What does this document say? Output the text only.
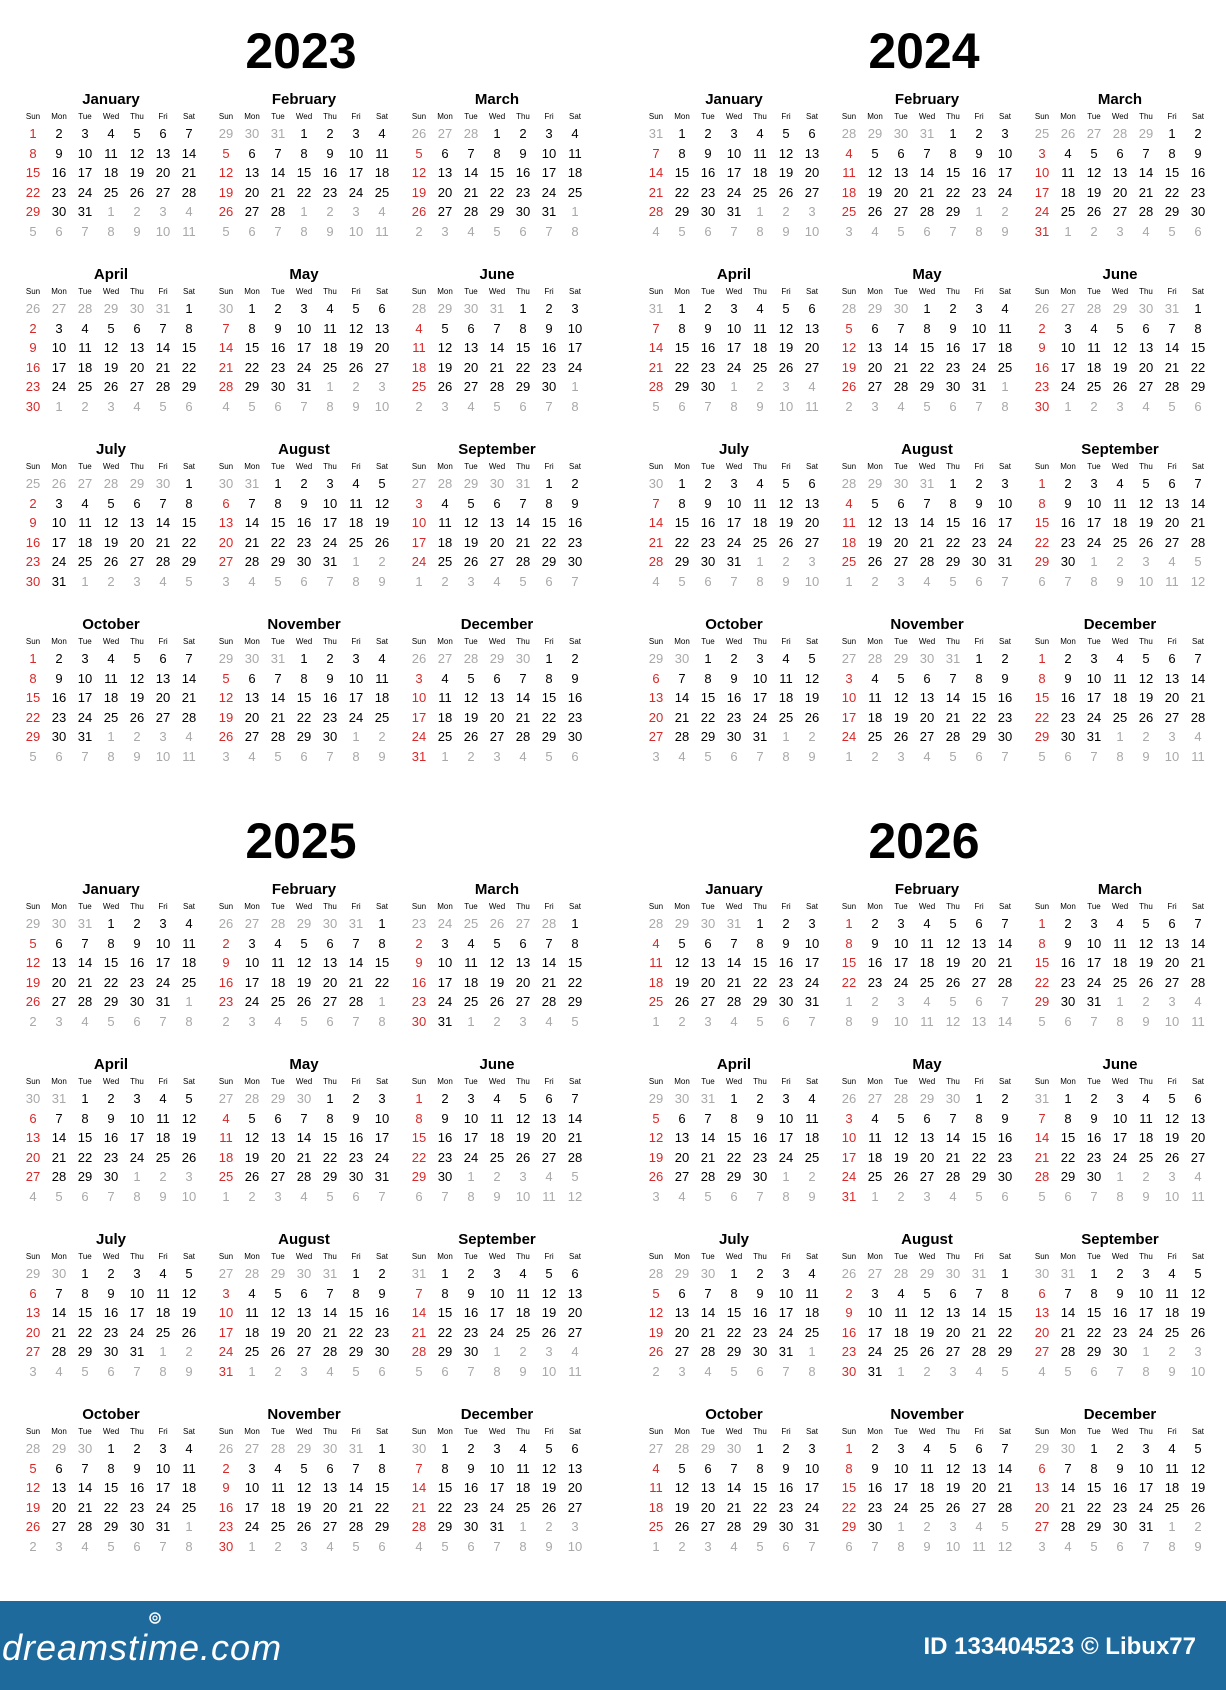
2023
January
Sun	Mon	Tue	Wed	Thu	Fri	Sat
1	2	3	4	5	6	7
8	9	10 11 12 13 14
15 16 17 18 19 20 21
22 23 24 25 26 27 28
29 30 31	1	2	3	4
5	6	7	8	9	10 11
February
Sun	Mon	Tue	Wed	Thu	Fri	Sat
29 30 31	1	2	3	4
5	6	7	8	9	10 11
12 13 14 15 16 17 18
19 20 21 22 23 24 25
26 27 28	1	2	3	4
5	6	7	8	9	10 11
March
Sun	Mon	Tue	Wed	Thu	Fri	Sat
26 27 28	1	2	3	4
5	6	7	8	9	10 11
12 13 14 15 16 17 18
19 20 21 22 23 24 25
26 27 28 29 30 31	1
2	3	4	5	6	7	8
April
Sun	Mon	Tue	Wed	Thu	Fri	Sat
26 27 28 29 30 31	1
2	3	4	5	6	7	8
9	10 11 12 13 14 15
16 17 18 19 20 21 22
23 24 25 26 27 28 29
30	1	2	3	4	5	6
May
Sun	Mon	Tue	Wed	Thu	Fri	Sat
30	1	2	3	4	5	6
7	8	9	10 11 12 13
14 15 16 17 18 19 20
21 22 23 24 25 26 27
28 29 30 31	1	2	3
4	5	6	7	8	9	10
June
Sun	Mon	Tue	Wed	Thu	Fri	Sat
28 29 30 31	1	2	3
4	5	6	7	8	9	10
11 12 13 14 15 16 17
18 19 20 21 22 23 24
25 26 27 28 29 30	1
2	3	4	5	6	7	8
July
Sun	Mon	Tue	Wed	Thu	Fri	Sat
25 26 27 28 29 30	1
2	3	4	5	6	7	8
9	10 11 12 13 14 15
16 17 18 19 20 21 22
23 24 25 26 27 28 29
30 31	1	2	3	4	5
August
Sun	Mon	Tue	Wed	Thu	Fri	Sat
30 31	1	2	3	4	5
6	7	8	9	10 11 12
13 14 15 16 17 18 19
20 21 22 23 24 25 26
27 28 29 30 31	1	2
3	4	5	6	7	8	9
September
Sun	Mon	Tue	Wed	Thu	Fri	Sat
27 28 29 30 31	1	2
3	4	5	6	7	8	9
10 11 12 13 14 15 16
17 18 19 20 21 22 23
24 25 26 27 28 29 30
1	2	3	4	5	6	7
October
Sun	Mon	Tue	Wed	Thu	Fri	Sat
1	2	3	4	5	6	7
8	9	10 11 12 13 14
15 16 17 18 19 20 21
22 23 24 25 26 27 28
29 30 31	1	2	3	4
5	6	7	8	9	10 11
November
Sun	Mon	Tue	Wed	Thu	Fri	Sat
29 30 31	1	2	3	4
5	6	7	8	9	10 11
12 13 14 15 16 17 18
19 20 21 22 23 24 25
26 27 28 29 30	1	2
3	4	5	6	7	8	9
December
Sun	Mon	Tue	Wed	Thu	Fri	Sat
26 27 28 29 30	1	2
3	4	5	6	7	8	9
10 11 12 13 14 15 16
17 18 19 20 21 22 23
24 25 26 27 28 29 30
31	1	2	3	4	5	6
2024
January
Sun	Mon	Tue	Wed	Thu	Fri	Sat
31	1	2	3	4	5	6
7	8	9	10 11 12 13
14 15 16 17 18 19 20
21 22 23 24 25 26 27
28 29 30 31	1	2	3
4	5	6	7	8	9	10
February
Sun	Mon	Tue	Wed	Thu	Fri	Sat
28 29 30 31	1	2	3
4	5	6	7	8	9	10
11 12 13 14 15 16 17
18 19 20 21 22 23 24
25 26 27 28 29	1	2
3	4	5	6	7	8	9
March
Sun	Mon	Tue	Wed	Thu	Fri	Sat
25 26 27 28 29	1	2
3	4	5	6	7	8	9
10 11 12 13 14 15 16
17 18 19 20 21 22 23
24 25 26 27 28 29 30
31	1	2	3	4	5	6
April
Sun	Mon	Tue	Wed	Thu	Fri	Sat
31	1	2	3	4	5	6
7	8	9	10 11 12 13
14 15 16 17 18 19 20
21 22 23 24 25 26 27
28 29 30	1	2	3	4
5	6	7	8	9	10 11
May
Sun	Mon	Tue	Wed	Thu	Fri	Sat
28 29 30	1	2	3	4
5	6	7	8	9	10 11
12 13 14 15 16 17 18
19 20 21 22 23 24 25
26 27 28 29 30 31	1
2	3	4	5	6	7	8
June
Sun	Mon	Tue	Wed	Thu	Fri	Sat
26 27 28 29 30 31	1
2	3	4	5	6	7	8
9	10 11 12 13 14 15
16 17 18 19 20 21 22
23 24 25 26 27 28 29
30	1	2	3	4	5	6
July
Sun	Mon	Tue	Wed	Thu	Fri	Sat
30	1	2	3	4	5	6
7	8	9	10 11 12 13
14 15 16 17 18 19 20
21 22 23 24 25 26 27
28 29 30 31	1	2	3
4	5	6	7	8	9	10
August
Sun	Mon	Tue	Wed	Thu	Fri	Sat
28 29 30 31	1	2	3
4	5	6	7	8	9	10
11 12 13 14 15 16 17
18 19 20 21 22 23 24
25 26 27 28 29 30 31
1	2	3	4	5	6	7
September
Sun	Mon	Tue	Wed	Thu	Fri	Sat
1	2	3	4	5	6	7
8	9	10 11 12 13 14
15 16 17 18 19 20 21
22 23 24 25 26 27 28
29 30	1	2	3	4	5
6	7	8	9	10 11 12
October
Sun	Mon	Tue	Wed	Thu	Fri	Sat
29 30	1	2	3	4	5
6	7	8	9	10 11 12
13 14 15 16 17 18 19
20 21 22 23 24 25 26
27 28 29 30 31	1	2
3	4	5	6	7	8	9
November
Sun	Mon	Tue	Wed	Thu	Fri	Sat
27 28 29 30 31	1	2
3	4	5	6	7	8	9
10 11 12 13 14 15 16
17 18 19 20 21 22 23
24 25 26 27 28 29 30
1	2	3	4	5	6	7
December
Sun	Mon	Tue	Wed	Thu	Fri	Sat
1	2	3	4	5	6	7
8	9	10 11 12 13 14
15 16 17 18 19 20 21
22 23 24 25 26 27 28
29 30 31	1	2	3	4
5	6	7	8	9	10 11
2025
January
Sun	Mon	Tue	Wed	Thu	Fri	Sat
29 30 31	1	2	3	4
5	6	7	8	9	10 11
12 13 14 15 16 17 18
19 20 21 22 23 24 25
26 27 28 29 30 31	1
2	3	4	5	6	7	8
February
Sun	Mon	Tue	Wed	Thu	Fri	Sat
26 27 28 29 30 31	1
2	3	4	5	6	7	8
9	10 11 12 13 14 15
16 17 18 19 20 21 22
23 24 25 26 27 28	1
2	3	4	5	6	7	8
March
Sun	Mon	Tue	Wed	Thu	Fri	Sat
23 24 25 26 27 28	1
2	3	4	5	6	7	8
9	10 11 12 13 14 15
16 17 18 19 20 21 22
23 24 25 26 27 28 29
30 31	1	2	3	4	5
April
Sun	Mon	Tue	Wed	Thu	Fri	Sat
30 31	1	2	3	4	5
6	7	8	9	10 11 12
13 14 15 16 17 18 19
20 21 22 23 24 25 26
27 28 29 30	1	2	3
4	5	6	7	8	9	10
May
Sun	Mon	Tue	Wed	Thu	Fri	Sat
27 28 29 30	1	2	3
4	5	6	7	8	9	10
11 12 13 14 15 16 17
18 19 20 21 22 23 24
25 26 27 28 29 30 31
1	2	3	4	5	6	7
June
Sun	Mon	Tue	Wed	Thu	Fri	Sat
1	2	3	4	5	6	7
8	9	10 11 12 13 14
15 16 17 18 19 20 21
22 23 24 25 26 27 28
29 30	1	2	3	4	5
6	7	8	9	10 11 12
July
Sun	Mon	Tue	Wed	Thu	Fri	Sat
29 30	1	2	3	4	5
6	7	8	9	10 11 12
13 14 15 16 17 18 19
20 21 22 23 24 25 26
27 28 29 30 31	1	2
3	4	5	6	7	8	9
August
Sun	Mon	Tue	Wed	Thu	Fri	Sat
27 28 29 30 31	1	2
3	4	5	6	7	8	9
10 11 12 13 14 15 16
17 18 19 20 21 22 23
24 25 26 27 28 29 30
31	1	2	3	4	5	6
September
Sun	Mon	Tue	Wed	Thu	Fri	Sat
31	1	2	3	4	5	6
7	8	9	10 11 12 13
14 15 16 17 18 19 20
21 22 23 24 25 26 27
28 29 30	1	2	3	4
5	6	7	8	9	10 11
October
Sun	Mon	Tue	Wed	Thu	Fri	Sat
28 29 30	1	2	3	4
5	6	7	8	9	10 11
12 13 14 15 16 17 18
19 20 21 22 23 24 25
26 27 28 29 30 31	1
2	3	4	5	6	7	8
November
Sun	Mon	Tue	Wed	Thu	Fri	Sat
26 27 28 29 30 31	1
2	3	4	5	6	7	8
9	10 11 12 13 14 15
16 17 18 19 20 21 22
23 24 25 26 27 28 29
30	1	2	3	4	5	6
December
Sun	Mon	Tue	Wed	Thu	Fri	Sat
30	1	2	3	4	5	6
7	8	9	10 11 12 13
14 15 16 17 18 19 20
21 22 23 24 25 26 27
28 29 30 31	1	2	3
4	5	6	7	8	9	10
2026
January
Sun	Mon	Tue	Wed	Thu	Fri	Sat
28 29 30 31	1	2	3
4	5	6	7	8	9	10
11 12 13 14 15 16 17
18 19 20 21 22 23 24
25 26 27 28 29 30 31
1	2	3	4	5	6	7
February
Sun	Mon	Tue	Wed	Thu	Fri	Sat
1	2	3	4	5	6	7
8	9	10 11 12 13 14
15 16 17 18 19 20 21
22 23 24 25 26 27 28
1	2	3	4	5	6	7
8	9	10 11 12 13 14
March
Sun	Mon	Tue	Wed	Thu	Fri	Sat
1	2	3	4	5	6	7
8	9	10 11 12 13 14
15 16 17 18 19 20 21
22 23 24 25 26 27 28
29 30 31	1	2	3	4
5	6	7	8	9	10 11
April
Sun	Mon	Tue	Wed	Thu	Fri	Sat
29 30 31	1	2	3	4
5	6	7	8	9	10 11
12 13 14 15 16 17 18
19 20 21 22 23 24 25
26 27 28 29 30	1	2
3	4	5	6	7	8	9
May
Sun	Mon	Tue	Wed	Thu	Fri	Sat
26 27 28 29 30	1	2
3	4	5	6	7	8	9
10 11 12 13 14 15 16
17 18 19 20 21 22 23
24 25 26 27 28 29 30
31	1	2	3	4	5	6
June
Sun	Mon	Tue	Wed	Thu	Fri	Sat
31	1	2	3	4	5	6
7	8	9	10 11 12 13
14 15 16 17 18 19 20
21 22 23 24 25 26 27
28 29 30	1	2	3	4
5	6	7	8	9	10 11
July
Sun	Mon	Tue	Wed	Thu	Fri	Sat
28 29 30	1	2	3	4
5	6	7	8	9	10 11
12 13 14 15 16 17 18
19 20 21 22 23 24 25
26 27 28 29 30 31	1
2	3	4	5	6	7	8
August
Sun	Mon	Tue	Wed	Thu	Fri	Sat
26 27 28 29 30 31	1
2	3	4	5	6	7	8
9	10 11 12 13 14 15
16 17 18 19 20 21 22
23 24 25 26 27 28 29
30 31	1	2	3	4	5
September
Sun	Mon	Tue	Wed	Thu	Fri	Sat
30 31	1	2	3	4	5
6	7	8	9	10 11 12
13 14 15 16 17 18 19
20 21 22 23 24 25 26
27 28 29 30	1	2	3
4	5	6	7	8	9	10
October
Sun	Mon	Tue	Wed	Thu	Fri	Sat
27 28 29 30	1	2	3
4	5	6	7	8	9	10
11 12 13 14 15 16 17
18 19 20 21 22 23 24
25 26 27 28 29 30 31
1	2	3	4	5	6	7
November
Sun	Mon	Tue	Wed	Thu	Fri	Sat
1	2	3	4	5	6	7
8	9	10 11 12 13 14
15 16 17 18 19 20 21
22 23 24 25 26 27 28
29 30	1	2	3	4	5
6	7	8	9	10 11 12
December
Sun	Mon	Tue	Wed	Thu	Fri	Sat
29 30	1	2	3	4	5
6	7	8	9	10 11 12
13 14 15 16 17 18 19
20 21 22 23 24 25 26
27 28 29 30 31	1	2
3	4	5	6	7	8	9
dreamstime.com	ID 133404523 © Libux77
